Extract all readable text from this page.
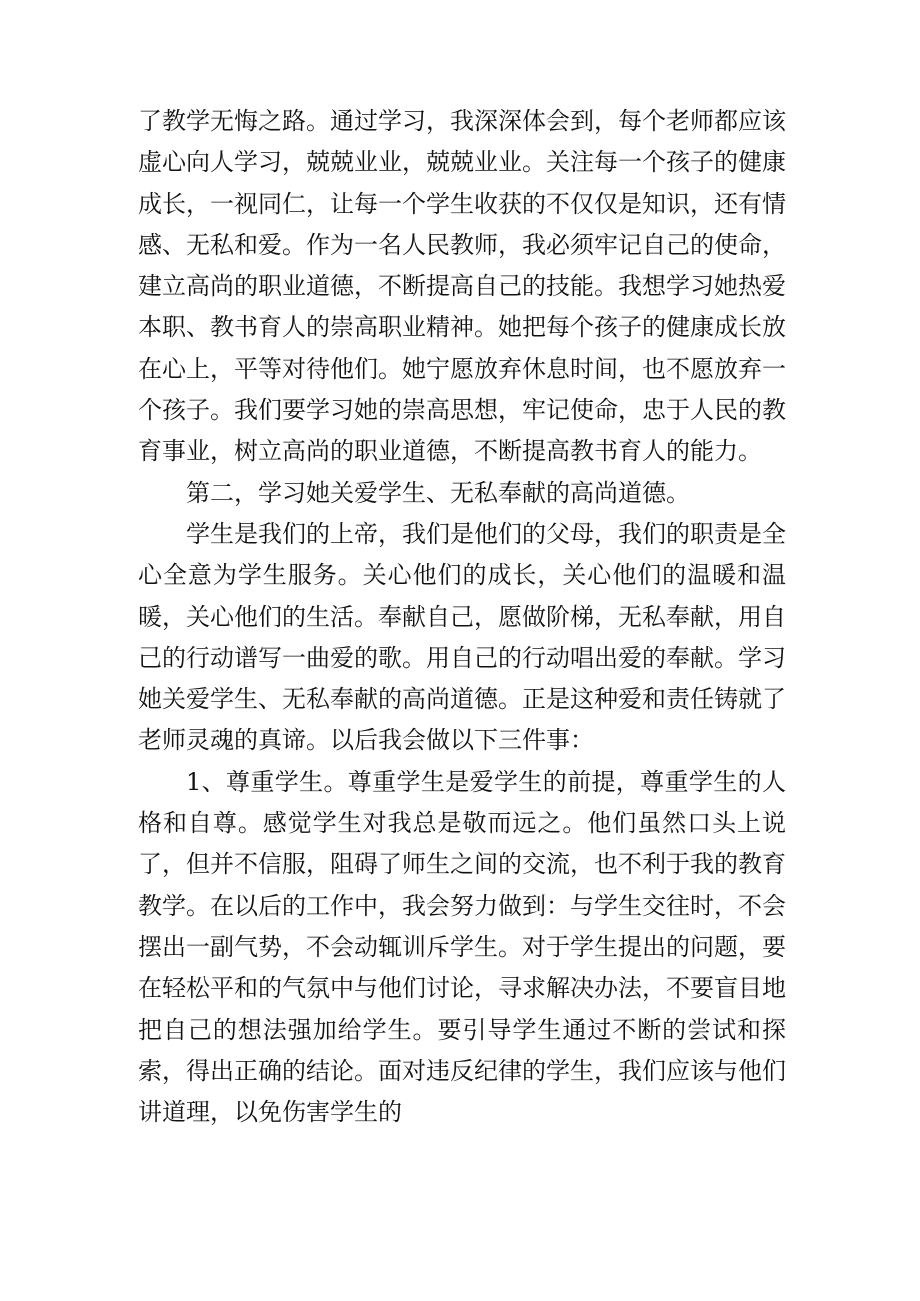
了教学无悔之路。通过学习，我深深体会到，每个老师都应该虚心向人学习，兢兢业业，兢兢业业。关注每一个孩子的健康成长，一视同仁，让每一个学生收获的不仅仅是知识，还有情感、无私和爱。作为一名人民教师，我必须牢记自己的使命，建立高尚的职业道德，不断提高自己的技能。我想学习她热爱本职、教书育人的崇高职业精神。她把每个孩子的健康成长放在心上，平等对待他们。她宁愿放弃休息时间，也不愿放弃一个孩子。我们要学习她的崇高思想，牢记使命，忠于人民的教育事业，树立高尚的职业道德，不断提高教书育人的能力。

第二，学习她关爱学生、无私奉献的高尚道德。

学生是我们的上帝，我们是他们的父母，我们的职责是全心全意为学生服务。关心他们的成长，关心他们的温暖和温暖，关心他们的生活。奉献自己，愿做阶梯，无私奉献，用自己的行动谱写一曲爱的歌。用自己的行动唱出爱的奉献。学习她关爱学生、无私奉献的高尚道德。正是这种爱和责任铸就了老师灵魂的真谛。以后我会做以下三件事：

1、尊重学生。尊重学生是爱学生的前提，尊重学生的人格和自尊。感觉学生对我总是敬而远之。他们虽然口头上说了，但并不信服，阻碍了师生之间的交流，也不利于我的教育教学。在以后的工作中，我会努力做到：与学生交往时，不会摆出一副气势，不会动辄训斥学生。对于学生提出的问题，要在轻松平和的气氛中与他们讨论，寻求解决办法，不要盲目地把自己的想法强加给学生。要引导学生通过不断的尝试和探索，得出正确的结论。面对违反纪律的学生，我们应该与他们讲道理，以免伤害学生的
